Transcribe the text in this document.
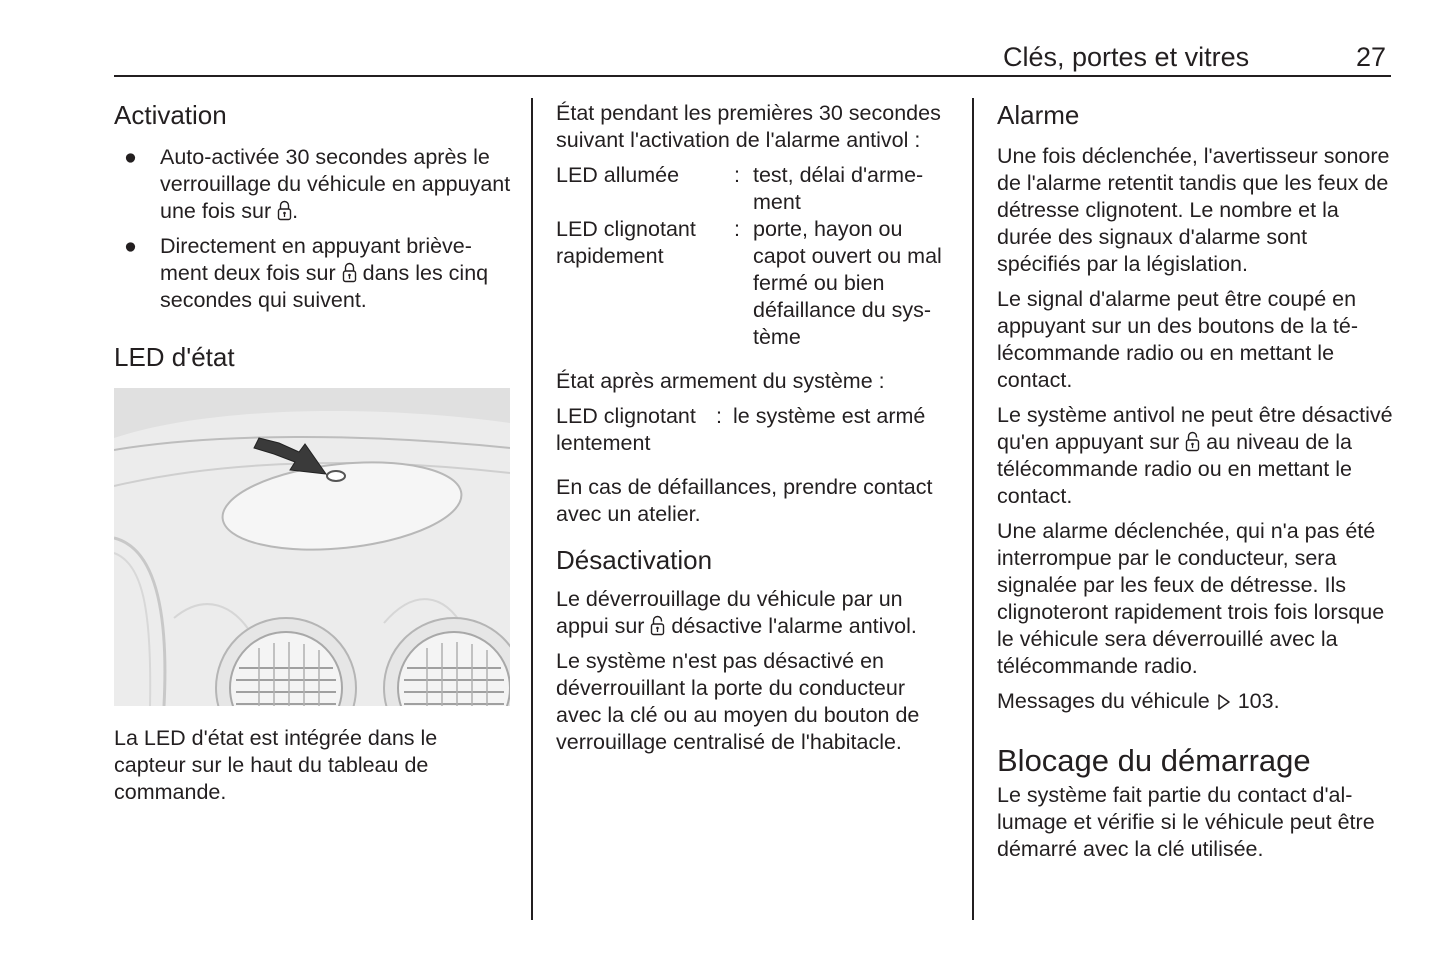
Clés, portes et vitres	27
Activation
● Auto-activée 30 secondes après le verrouillage du véhicule en appuyant une fois sur
.
● Directement en appuyant brièvement deux fois sur
dans les cinq secondes qui suivent.
LED d'état

La LED d'état est intégrée dans le capteur sur le haut du tableau de commande.

État pendant les premières 30 secondes suivant l'activation de l'alarme antivol :

LED allumée	: test, délai d'armement
LED clignotant rapidement
: porte, hayon ou capot ouvert ou mal fermé ou bien défaillance du système

État après armement du système :

LED clignotant lentement
: le système est armé

En cas de défaillances, prendre contact avec un atelier.

Désactivation

Le déverrouillage du véhicule par un appui sur
désactive l'alarme antivol.

Le système n'est pas désactivé en déverrouillant la porte du conducteur avec la clé ou au moyen du bouton de verrouillage centralisé de l'habitacle.

Alarme

Une fois déclenchée, l'avertisseur sonore de l'alarme retentit tandis que les feux de détresse clignotent. Le nombre et la durée des signaux d'alarme sont spécifiés par la législation.

Le signal d'alarme peut être coupé en appuyant sur un des boutons de la télécommande radio ou en mettant le contact.

Le système antivol ne peut être désactivé qu'en appuyant sur
au niveau de la télécommande radio ou en mettant le contact.

Une alarme déclenchée, qui n'a pas été interrompue par le conducteur, sera signalée par les feux de détresse. Ils clignoteront rapidement trois fois lorsque le véhicule sera déverrouillé avec la télécommande radio.

Messages du véhicule
103.

Blocage du démarrage

Le système fait partie du contact d'allumage et vérifie si le véhicule peut être démarré avec la clé utilisée.
